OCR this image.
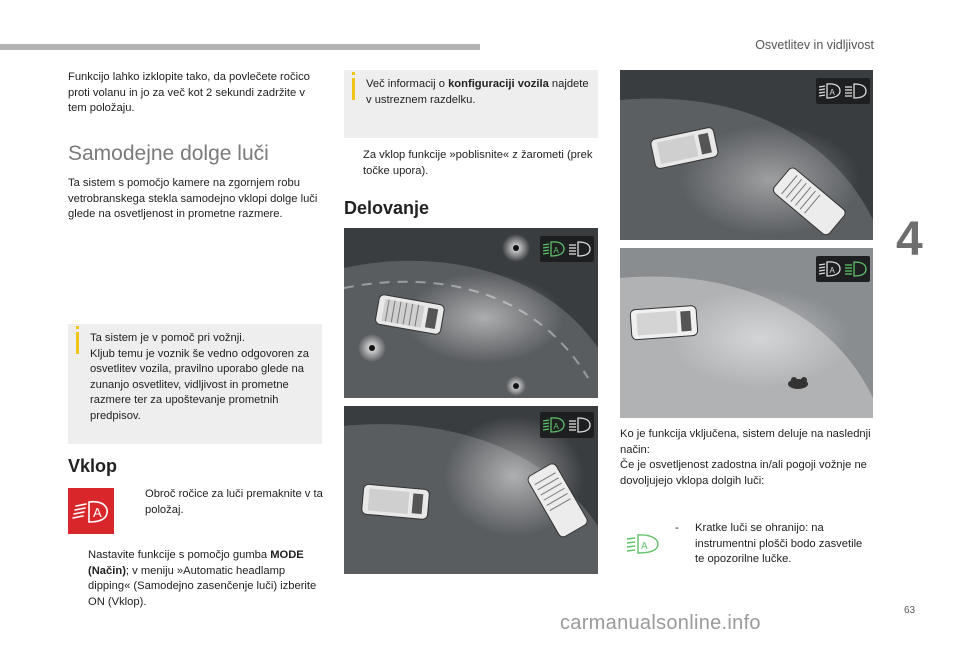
Osvetlitev in vidljivost
4
63
carmanualsonline.info
Funkcijo lahko izklopite tako, da povlečete ročico proti volanu in jo za več kot 2 sekundi zadržite v tem položaju.
Samodejne dolge luči
Ta sistem s pomočjo kamere na zgornjem robu vetrobranskega stekla samodejno vklopi dolge luči glede na osvetljenost in prometne razmere.
Ta sistem je v pomoč pri vožnji.
Kljub temu je voznik še vedno odgovoren za osvetlitev vozila, pravilno uporabo glede na zunanjo osvetlitev, vidljivost in prometne razmere ter za upoštevanje prometnih predpisov.
Vklop
A
Obroč ročice za luči premaknite v ta položaj.
Nastavite funkcije s pomočjo gumba MODE (Način); v meniju »Automatic headlamp dipping« (Samodejno zasenčenje luči) izberite ON (Vklop).
Več informacij o konfiguraciji vozila najdete v ustreznem razdelku.
Za vklop funkcije »poblisnite« z žarometi (prek točke upora).
Delovanje
A
A
A
A
Ko je funkcija vključena, sistem deluje na naslednji način:
Če je osvetljenost zadostna in/ali pogoji vožnje ne dovoljujejo vklopa dolgih luči:
A
- Kratke luči se ohranijo: na instrumentni plošči bodo zasvetile te opozorilne lučke.
